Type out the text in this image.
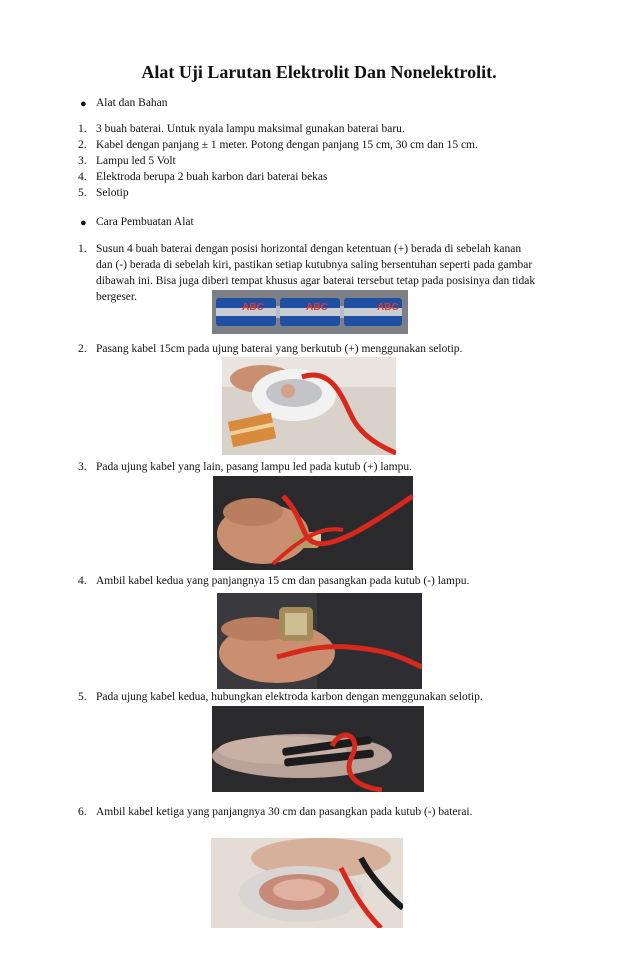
Alat Uji Larutan Elektrolit Dan Nonelektrolit.
● Alat dan Bahan
1. 3 buah baterai. Untuk nyala lampu maksimal gunakan baterai baru.
2. Kabel dengan panjang ± 1 meter. Potong dengan panjang 15 cm, 30 cm dan 15 cm.
3. Lampu led 5 Volt
4. Elektroda berupa 2 buah karbon dari baterai bekas
5. Selotip
● Cara Pembuatan Alat
1. Susun 4 buah baterai dengan posisi horizontal dengan ketentuan (+) berada di sebelah kanan
dan (-) berada di sebelah kiri, pastikan setiap kutubnya saling bersentuhan seperti pada gambar
dibawah ini. Bisa juga diberi tempat khusus agar baterai tersebut tetap pada posisinya dan tidak
bergeser.
ABC	ABC	ABC
2. Pasang kabel 15cm pada ujung baterai yang berkutub (+) menggunakan selotip.
3. Pada ujung kabel yang lain, pasang lampu led pada kutub (+) lampu.
4. Ambil kabel kedua yang panjangnya 15 cm dan pasangkan pada kutub (-) lampu.
5. Pada ujung kabel kedua, hubungkan elektroda karbon dengan menggunakan selotip.
6. Ambil kabel ketiga yang panjangnya 30 cm dan pasangkan pada kutub (-) baterai.
